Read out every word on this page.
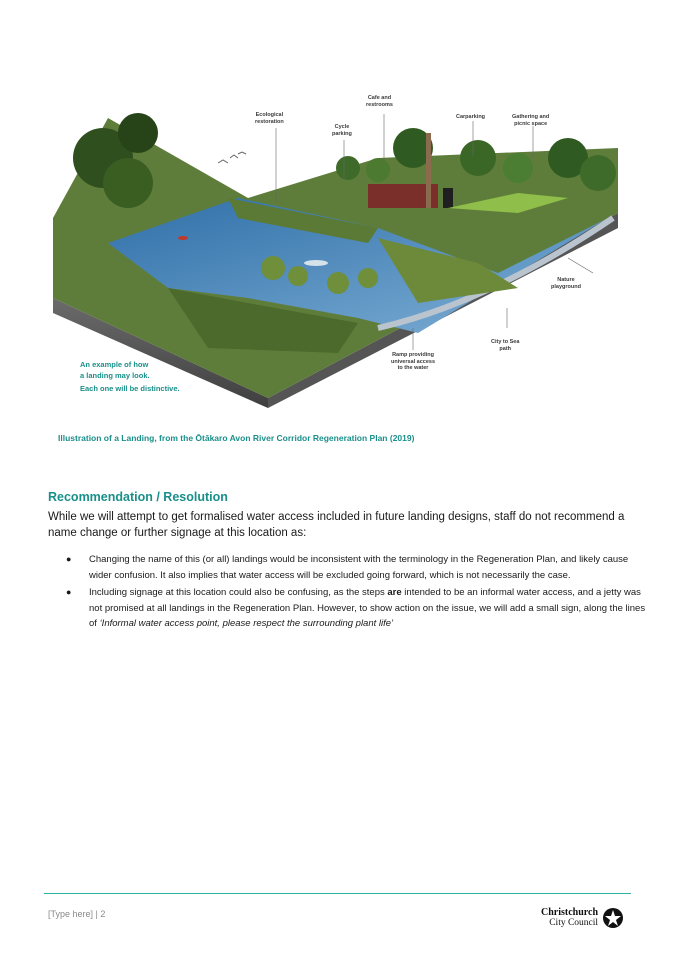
Ecological
restoration
Cafe and
restrooms
Cycle
parking
Carparking	Gathering and
picnic space
Nature
playground
City to Sea
path
Ramp providing
universal access
to the water
An example of how
a landing may look.
Each one will be distinctive.
Illustration of a Landing, from the Ōtākaro Avon River Corridor Regeneration Plan (2019)
Recommendation / Resolution

While we will attempt to get formalised water access included in future landing designs, staff do not recommend a name change or further signage at this location as:

● Changing the name of this (or all) landings would be inconsistent with the terminology in the Regeneration Plan, and likely cause wider confusion. It also implies that water access will be excluded going forward, which is not necessarily the case.
● Including signage at this location could also be confusing, as the steps are intended to be an informal water access, and a jetty was not promised at all landings in the Regeneration Plan. However, to show action on the issue, we will add a small sign, along the lines of ‘Informal water access point, please respect the surrounding plant life’
[Type here] | 2	Christchurch
City Council
